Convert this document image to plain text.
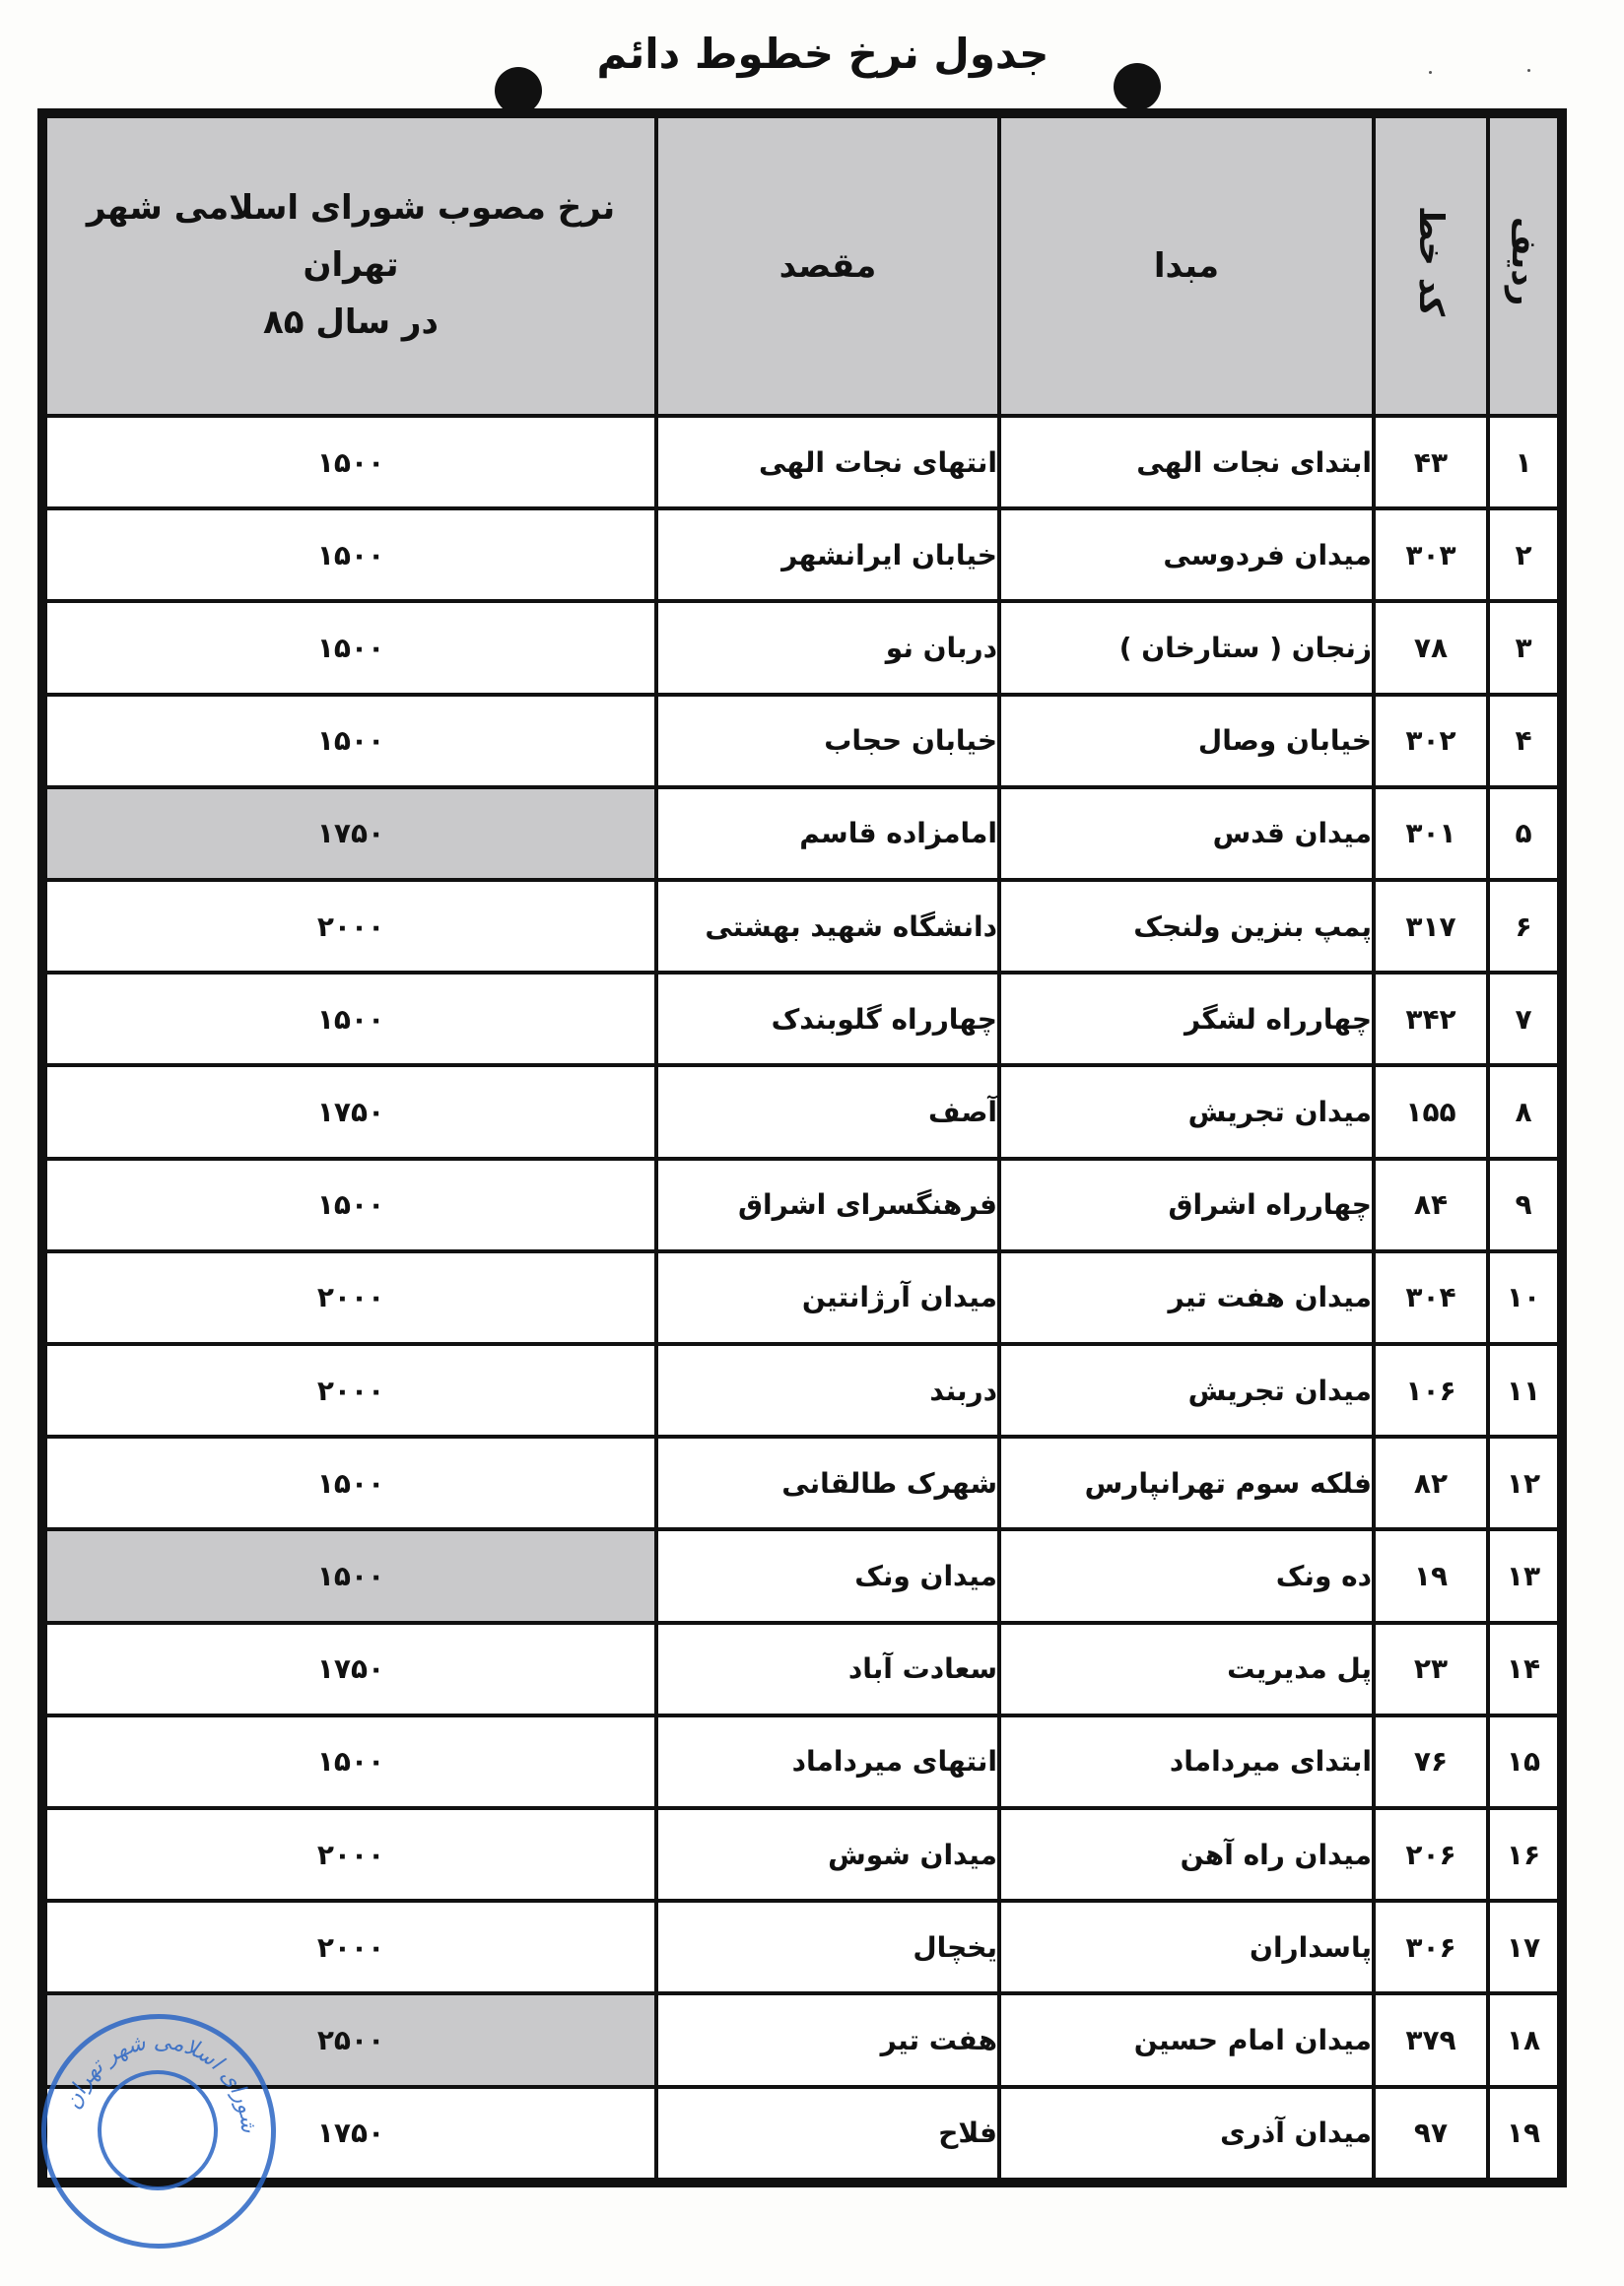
جدول نرخ خطوط دائم
ردیف	کد خط	مبدا	مقصد	نرخ مصوب شورای اسلامی شهر تهران
در سال ۸۵

۱	۴۳	ابتدای نجات الهی	انتهای نجات الهی	۱۵۰۰
۲	۳۰۳	میدان فردوسی	خیابان ایرانشهر	۱۵۰۰
۳	۷۸	زنجان ( ستارخان )	دربان نو	۱۵۰۰
۴	۳۰۲	خیابان وصال	خیابان حجاب	۱۵۰۰
۵	۳۰۱	میدان قدس	امامزاده قاسم	۱۷۵۰
۶	۳۱۷	پمپ بنزین ولنجک	دانشگاه شهید بهشتی	۲۰۰۰
۷	۳۴۲	چهارراه لشگر	چهارراه گلوبندک	۱۵۰۰
۸	۱۵۵	میدان تجریش	آصف	۱۷۵۰
۹	۸۴	چهارراه اشراق	فرهنگسرای اشراق	۱۵۰۰
۱۰	۳۰۴	میدان هفت تیر	میدان آرژانتین	۲۰۰۰
۱۱	۱۰۶	میدان تجریش	دربند	۲۰۰۰
۱۲	۸۲	فلکه سوم تهرانپارس	شهرک طالقانی	۱۵۰۰
۱۳	۱۹	ده ونک	میدان ونک	۱۵۰۰
۱۴	۲۳	پل مدیریت	سعادت آباد	۱۷۵۰
۱۵	۷۶	ابتدای میرداماد	انتهای میرداماد	۱۵۰۰
۱۶	۲۰۶	میدان راه آهن	میدان شوش	۲۰۰۰
۱۷	۳۰۶	پاسداران	یخچال	۲۰۰۰
۱۸	۳۷۹	میدان امام حسین	هفت تیر	۲۵۰۰
۱۹	۹۷	میدان آذری	فلاح	۱۷۵۰
شورای اسلامی شهر تهران
